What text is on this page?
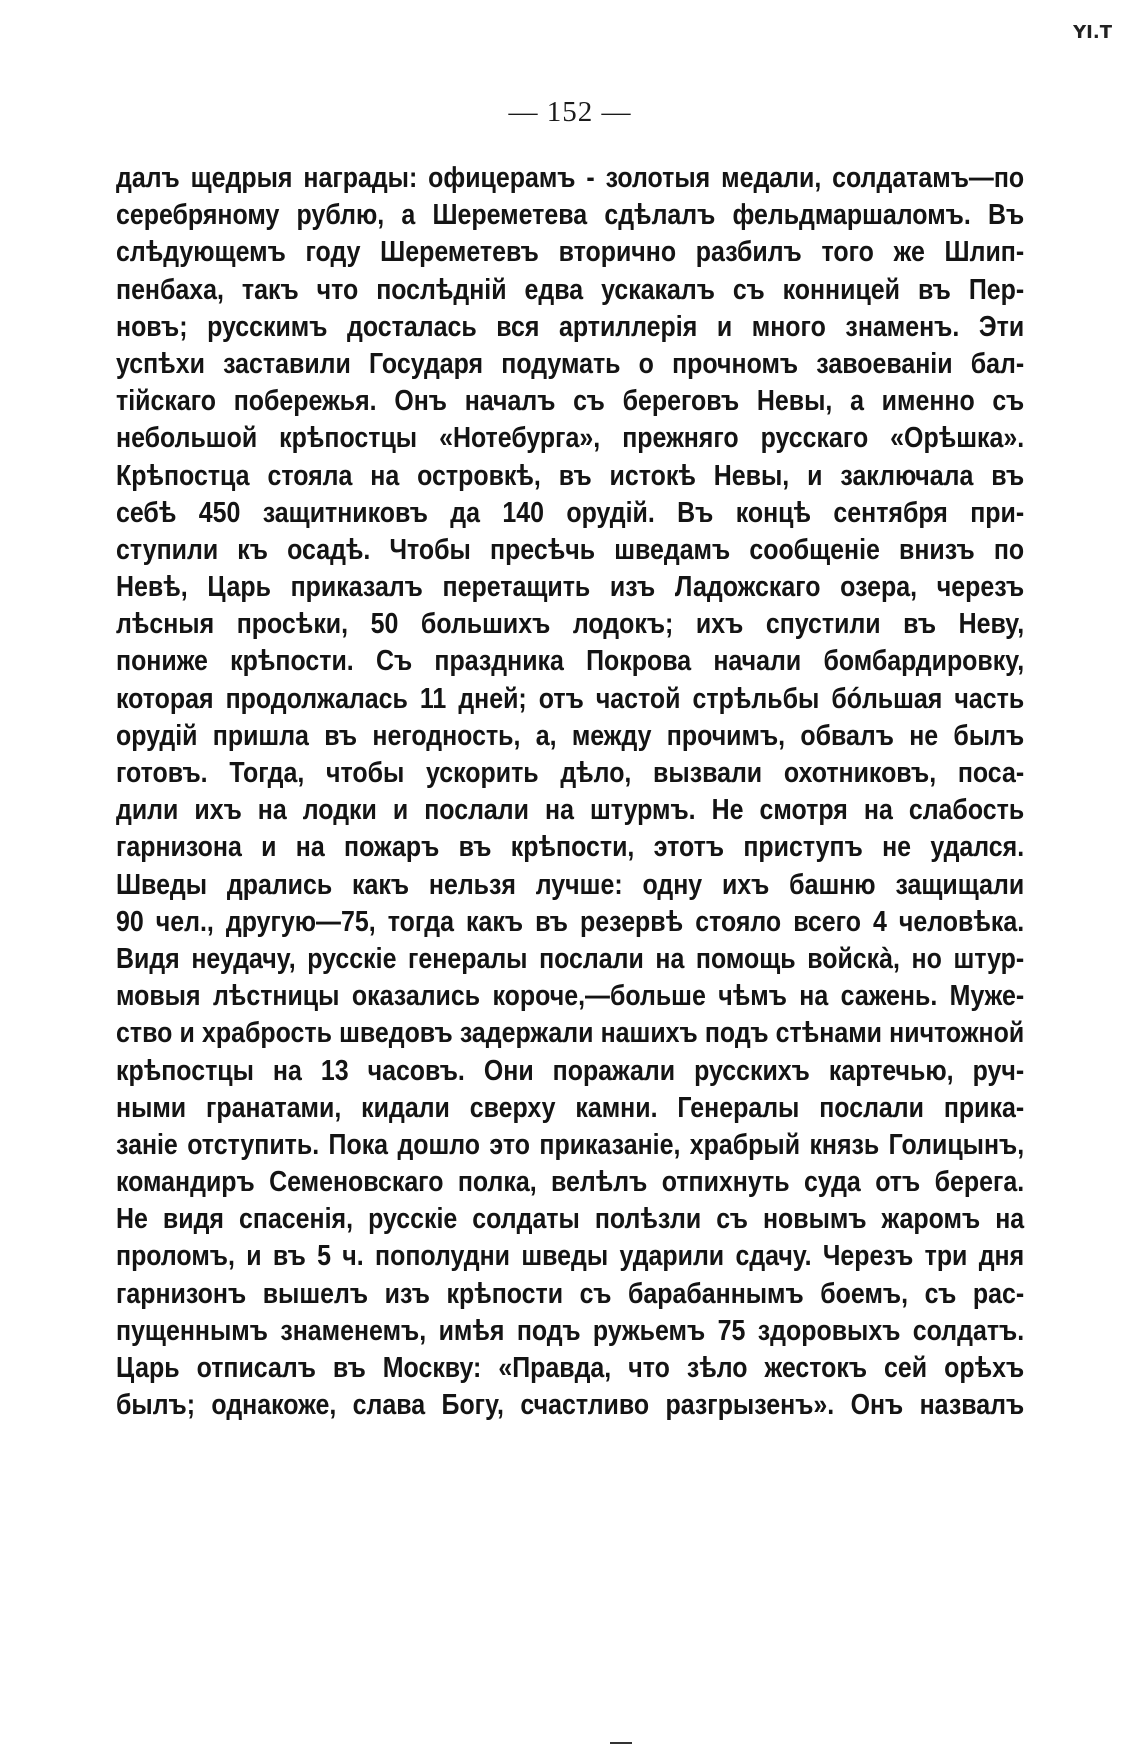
ΥΙ.Τ
— 152 —
далъ щедрыя награды: офицерамъ - золотыя медали, солдатамъ—по
серебряному рублю, а Шереметева сдѣлалъ фельдмаршаломъ. Въ
слѣдующемъ году Шереметевъ вторично разбилъ того же Шлип-
пенбаха, такъ что послѣднiй едва ускакалъ съ конницей въ Пер-
новъ; русскимъ досталась вся артиллерiя и много знаменъ. Эти
успѣхи заставили Государя подумать о прочномъ завоеванiи бал-
тiйскаго побережья. Онъ началъ съ береговъ Невы, а именно съ
небольшой крѣпостцы «Нотебурга», прежняго русскаго «Орѣшка».
Крѣпостца стояла на островкѣ, въ истокѣ Невы, и заключала въ
себѣ 450 защитниковъ да 140 орудiй. Въ концѣ сентября при-
ступили къ осадѣ. Чтобы пресѣчь шведамъ сообщенiе внизъ по
Невѣ, Царь приказалъ перетащить изъ Ладожскаго озера, черезъ
лѣсныя просѣки, 50 большихъ лодокъ; ихъ спустили въ Неву,
пониже крѣпости. Съ праздника Покрова начали бомбардировку,
которая продолжалась 11 дней; отъ частой стрѣльбы бóльшая часть
орудiй пришла въ негодность, а, между прочимъ, обвалъ не былъ
готовъ. Тогда, чтобы ускорить дѣло, вызвали охотниковъ, поса-
дили ихъ на лодки и послали на штурмъ. Не смотря на слабость
гарнизона и на пожаръ въ крѣпости, этотъ приступъ не удался.
Шведы дрались какъ нельзя лучше: одну ихъ башню защищали
90 чел., другую—75, тогда какъ въ резервѣ стояло всего 4 человѣка.
Видя неудачу, русскiе генералы послали на помощь войскà, но штур-
мовыя лѣстницы оказались короче,—больше чѣмъ на сажень. Муже-
ство и храбрость шведовъ задержали нашихъ подъ стѣнами ничтожной
крѣпостцы на 13 часовъ. Они поражали русскихъ картечью, руч-
ными гранатами, кидали сверху камни. Генералы послали прика-
занiе отступить. Пока дошло это приказанiе, храбрый князь Голицынъ,
командиръ Семеновскаго полка, велѣлъ отпихнуть суда отъ берега.
Не видя спасенiя, русскiе солдаты полѣзли съ новымъ жаромъ на
проломъ, и въ 5 ч. пополудни шведы ударили сдачу. Черезъ три дня
гарнизонъ вышелъ изъ крѣпости съ барабаннымъ боемъ, съ рас-
пущеннымъ знаменемъ, имѣя подъ ружьемъ 75 здоровыхъ солдатъ.
Царь отписалъ въ Москву: «Правда, что зѣло жестокъ сей орѣхъ
былъ; однакоже, слава Богу, счастливо разгрызенъ». Онъ назвалъ
